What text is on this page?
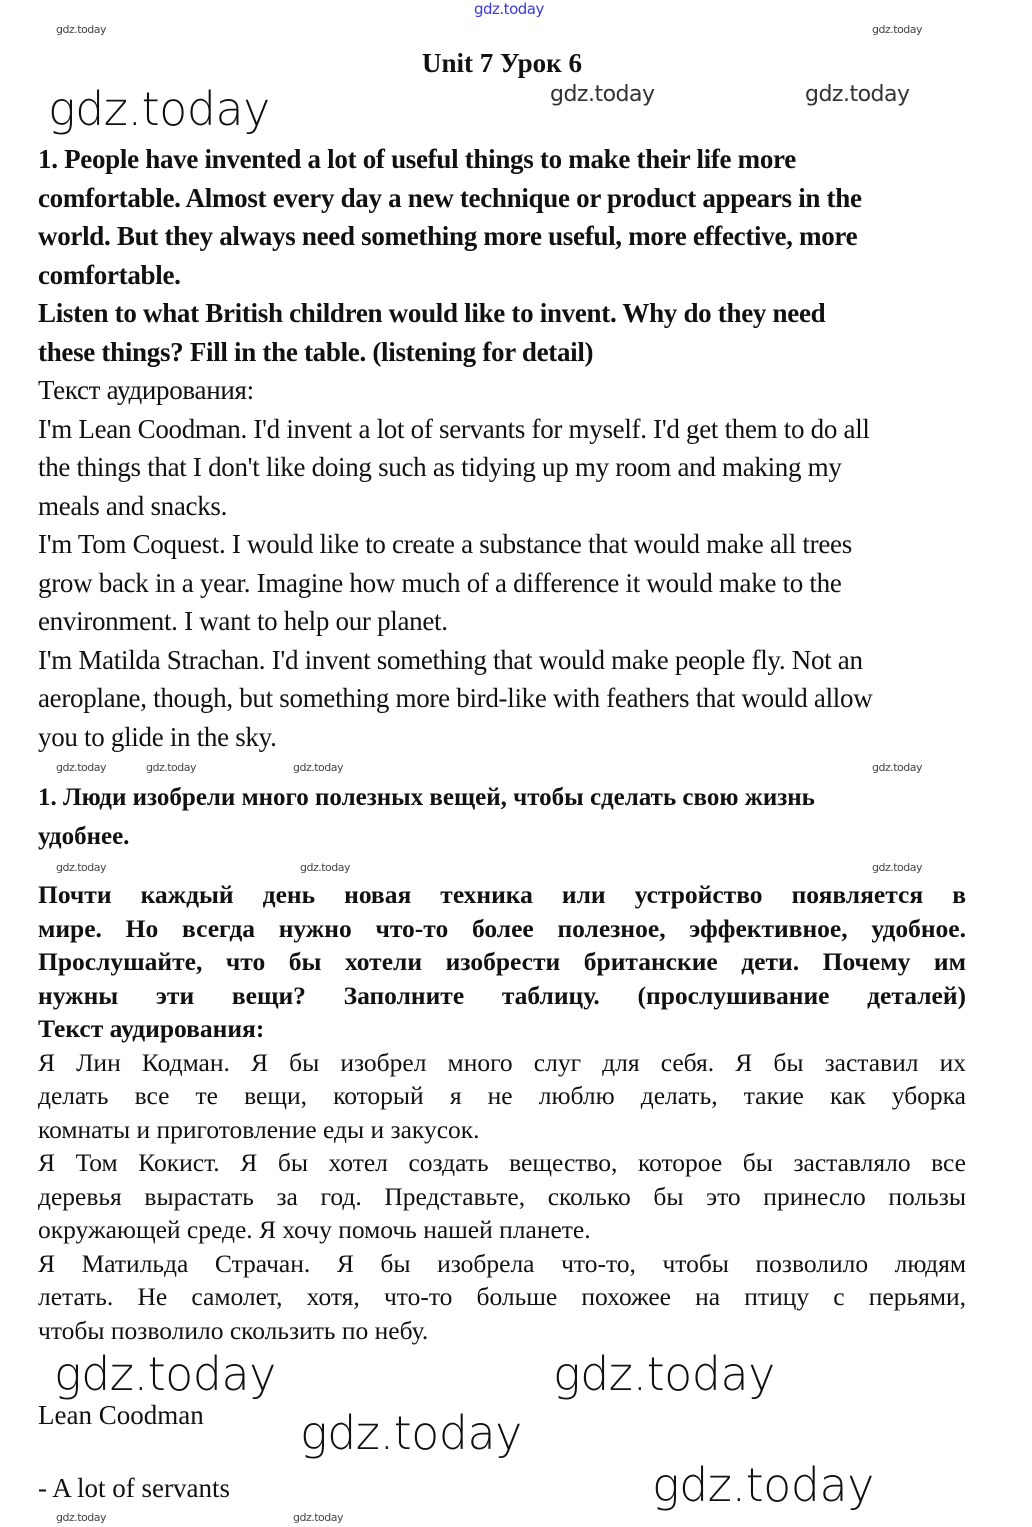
gdz.today
Unit 7 Урок 6
1. People have invented a lot of useful things to make their life more
comfortable. Almost every day a new technique or product appears in the
world. But they always need something more useful, more effective, more
comfortable.
Listen to what British children would like to invent. Why do they need
these things? Fill in the table. (listening for detail)
Текст аудирования:
I'm Lean Coodman. I'd invent a lot of servants for myself. I'd get them to do all
the things that I don't like doing such as tidying up my room and making my
meals and snacks.
I'm Tom Coquest. I would like to create a substance that would make all trees
grow back in a year. Imagine how much of a difference it would make to the
environment. I want to help our planet.
I'm Matilda Strachan. I'd invent something that would make people fly. Not an
aeroplane, though, but something more bird-like with feathers that would allow
you to glide in the sky.
1. Люди изобрели много полезных вещей, чтобы сделать свою жизнь
удобнее.
Почти каждый день новая техника или устройство появляется в
мире. Но всегда нужно что-то более полезное, эффективное, удобное.
Прослушайте, что бы хотели изобрести британские дети. Почему им
нужны эти вещи? Заполните таблицу. (прослушивание деталей)
Текст аудирования:
Я Лин Кодман. Я бы изобрел много слуг для себя. Я бы заставил их
делать все те вещи, который я не люблю делать, такие как уборка
комнаты и приготовление еды и закусок.
Я Том Кокист. Я бы хотел создать вещество, которое бы заставляло все
деревья вырастать за год. Представьте, сколько бы это принесло пользы
окружающей среде. Я хочу помочь нашей планете.
Я Матильда Страчан. Я бы изобрела что-то, чтобы позволило людям
летать. Не самолет, хотя, что-то больше похожее на птицу с перьями,
чтобы позволило скользить по небу.
Lean Coodman
- A lot of servants
gdz.today	gdz.today	gdz.today
gdz.today	gdz.today
gdz.today	gdz.today	gdz.today	gdz.today
gdz.today	gdz.today	gdz.today
gdz.today	gdz.today
gdz.today
gdz.today
gdz.today	gdz.today
